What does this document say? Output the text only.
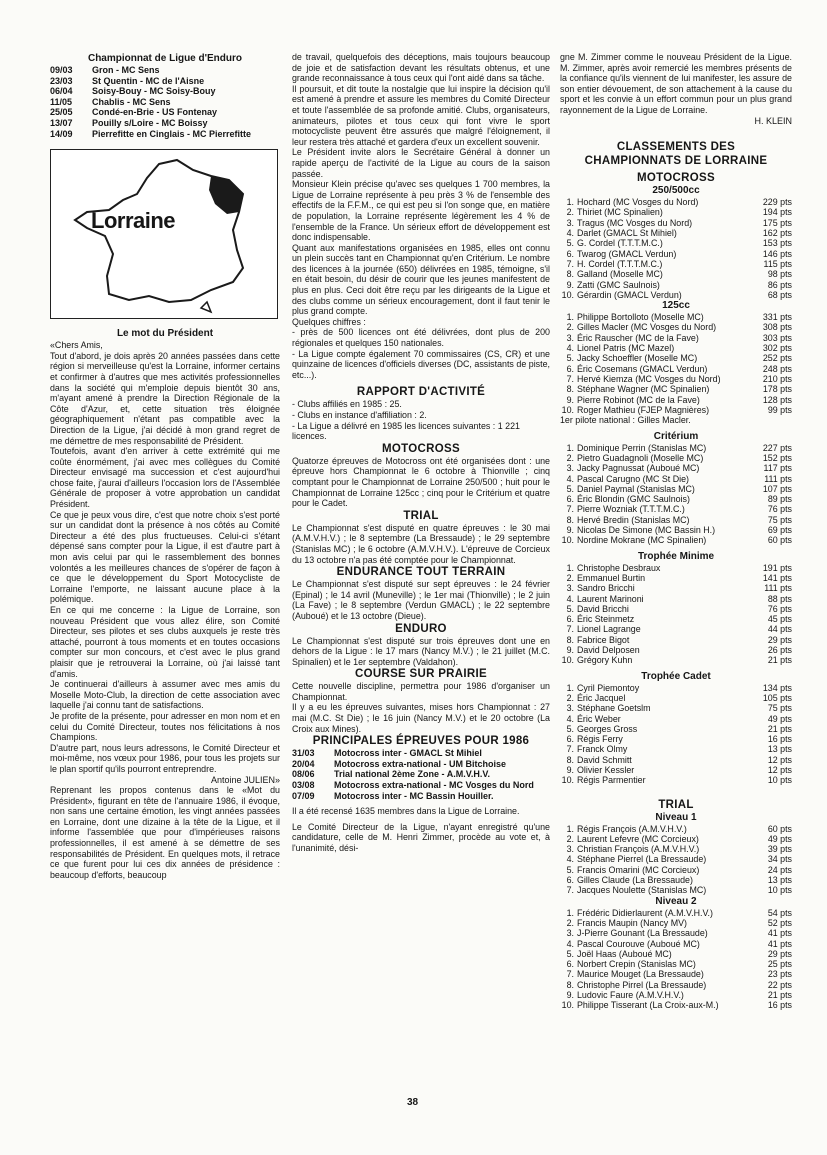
Championnat de Ligue d'Enduro
09/03	Gron - MC Sens
23/03	St Quentin - MC de l'Aisne
06/04	Soisy-Bouy - MC Soisy-Bouy
11/05	Chablis - MC Sens
25/05	Condé-en-Brie - US Fontenay
13/07	Pouilly s/Loire - MC Boissy
14/09	Pierrefitte en Cinglais - MC Pierrefitte
Lorraine
Le mot du Président

«Chers Amis,

Tout d'abord, je dois après 20 années passées dans cette région si merveilleuse qu'est la Lorraine, informer certains et confirmer à d'autres que mes activités professionnelles dans la société qui m'emploie depuis bientôt 30 ans, m'ayant amené à prendre la Direction Régionale de la Côte d'Azur, et, cette situation très éloignée géographiquement n'étant pas compatible avec la Direction de la Ligue, j'ai décidé à mon grand regret de me démettre de mes responsabilité de Président.

Toutefois, avant d'en arriver à cette extrémité qui me coûte énormément, j'ai avec mes collègues du Comité Directeur envisagé ma succession et c'est aujourd'hui chose faite, j'aurai d'ailleurs l'occasion lors de l'Assemblée Générale de proposer à votre approbation un candidat Président.

Ce que je peux vous dire, c'est que notre choix s'est porté sur un candidat dont la présence à nos côtés au Comité Directeur a été des plus fructueuses. Celui-ci s'étant dépensé sans compter pour la Ligue, il est d'autre part à mon avis celui par qui le rassemblement des bonnes volontés a les meilleures chances de s'opérer de façon à ce que le développement du Sport Motocycliste de Lorraine l'emporte, ne laissant aucune place à la polémique.

En ce qui me concerne : la Ligue de Lorraine, son nouveau Président que vous allez élire, son Comité Directeur, ses pilotes et ses clubs auxquels je reste très attaché, pourront à tous moments et en toutes occasions compter sur mon concours, et c'est avec le plus grand plaisir que je retrouverai la Lorraine, où j'ai laissé tant d'amis.

Je continuerai d'ailleurs à assumer avec mes amis du Moselle Moto-Club, la direction de cette association avec laquelle j'ai connu tant de satisfactions.

Je profite de la présente, pour adresser en mon nom et en celui du Comité Directeur, toutes nos félicitations à nos Champions.

D'autre part, nous leurs adressons, le Comité Directeur et moi-même, nos vœux pour 1986, pour tous les projets sur le plan sportif qu'ils pourront entreprendre.

Antoine JULIEN»

Reprenant les propos contenus dans le «Mot du Président», figurant en tête de l'annuaire 1986, il évoque, non sans une certaine émotion, les vingt années passées en Lorraine, dont une dizaine à la tête de la Ligue, et il informe l'assemblée que pour d'impérieuses raisons professionnelles, il est amené à se démettre de ses responsabilités de Président. En quelques mots, il retrace ce que furent pour lui ces dix années de présidence : beaucoup d'efforts, beaucoup

de travail, quelquefois des déceptions, mais toujours beaucoup de joie et de satisfaction devant les résultats obtenus, et une grande reconnaissance à tous ceux qui l'ont aidé dans sa tâche.

Il poursuit, et dit toute la nostalgie que lui inspire la décision qu'il est amené à prendre et assure les membres du Comité Directeur et toute l'assemblée de sa profonde amitié. Clubs, organisateurs, animateurs, pilotes et tous ceux qui font vivre le sport motocycliste peuvent être assurés que malgré l'éloignement, il leur restera très attaché et gardera d'eux un excellent souvenir.

Le Président invite alors le Secrétaire Général à donner un rapide aperçu de l'activité de la Ligue au cours de la saison passée.

Monsieur Klein précise qu'avec ses quelques 1 700 membres, la Ligue de Lorraine représente à peu près 3 % de l'ensemble des effectifs de la F.F.M., ce qui est peu si l'on songe que, en matière de population, la Lorraine représente légèrement les 4 % de l'ensemble de la France. Un sérieux effort de développement est donc indispensable.

Quant aux manifestations organisées en 1985, elles ont connu un plein succès tant en Championnat qu'en Critérium. Le nombre des licences à la journée (650) délivrées en 1985, témoigne, s'il en était besoin, du désir de courir que les jeunes manifestent de plus en plus. Ceci doit être reçu par les dirigeants de la Ligue et des clubs comme un sérieux encouragement, dont il faut tenir le plus grand compte.

Quelques chiffres :

- près de 500 licences ont été délivrées, dont plus de 200 régionales et quelques 150 nationales.

- La Ligue compte également 70 commissaires (CS, CR) et une quinzaine de licences d'officiels diverses (DC, assistants de piste, etc...).

RAPPORT D'ACTIVITÉ

- Clubs affiliés en 1985 : 25.

- Clubs en instance d'affiliation : 2.

- La Ligue a délivré en 1985 les licences suivantes : 1 221 licences.

MOTOCROSS

Quatorze épreuves de Motocross ont été organisées dont : une épreuve hors Championnat le 6 octobre à Thionville ; cinq comptant pour le Championnat de Lorraine 250/500 ; huit pour le Championnat de Lorraine 125cc ; cinq pour le Critérium et quatre pour le Cadet.

TRIAL

Le Championnat s'est disputé en quatre épreuves : le 30 mai (A.M.V.H.V.) ; le 8 septembre (La Bressaude) ; le 29 septembre (Stanislas MC) ; le 6 octobre (A.M.V.H.V.). L'épreuve de Corcieux du 13 octobre n'a pas été comptée pour le Championnat.

ENDURANCE TOUT TERRAIN

Le Championnat s'est disputé sur sept épreuves : le 24 février (Epinal) ; le 14 avril (Muneville) ; le 1er mai (Thionville) ; le 2 juin (La Fave) ; le 8 septembre (Verdun GMACL) ; le 22 septembre (Auboué) et le 13 octobre (Dieue).

ENDURO

Le Championnat s'est disputé sur trois épreuves dont une en dehors de la Ligue : le 17 mars (Nancy M.V.) ; le 21 juillet (M.C. Spinalien) et le 1er septembre (Valdahon).

COURSE SUR PRAIRIE

Cette nouvelle discipline, permettra pour 1986 d'organiser un Championnat.

Il y a eu les épreuves suivantes, mises hors Championnat : 27 mai (M.C. St Die) ; le 16 juin (Nancy M.V.) et le 20 octobre (La Croix aux Mines).

PRINCIPALES ÉPREUVES POUR 1986
31/03	Motocross inter - GMACL St Mihiel
20/04	Motocross extra-national - UM Bitchoise
08/06	Trial national 2ème Zone - A.M.V.H.V.
03/08	Motocross extra-national - MC Vosges du Nord
07/09	Motocross inter - MC Bassin Houiller.

Il a été recensé 1635 membres dans la Ligue de Lorraine.

Le Comité Directeur de la Ligue, n'ayant enregistré qu'une candidature, celle de M. Henri Zimmer, procède au vote et, à l'unanimité, dési-

gne M. Zimmer comme le nouveau Président de la Ligue. M. Zimmer, après avoir remercié les membres présents de la confiance qu'ils viennent de lui manifester, les assure de son entier dévouement, de son attachement à la cause du sport et les convie à un effort commun pour un plus grand rayonnement de la Ligue de Lorraine.

H. KLEIN
CLASSEMENTS DES CHAMPIONNATS DE LORRAINE
MOTOCROSS
250/500cc
1. Hochard (MC Vosges du Nord)	229 pts
2. Thiriet (MC Spinalien)	194 pts
3. Tragus (MC Vosges du Nord)	175 pts
4. Darlet (GMACL St Mihiel)	162 pts
5. G. Cordel (T.T.T.M.C.)	153 pts
6. Twarog (GMACL Verdun)	146 pts
7. H. Cordel (T.T.T.M.C.)	115 pts
8. Galland (Moselle MC)	98 pts
9. Zatti (GMC Saulnois)	86 pts
10. Gérardin (GMACL Verdun)	68 pts
125cc
1. Philippe Bortolloto (Moselle MC)	331 pts
2. Gilles Macler (MC Vosges du Nord)	308 pts
3. Éric Rauscher (MC de la Fave)	303 pts
4. Lionel Patris (MC Mazel)	302 pts
5. Jacky Schoeffler (Moselle MC)	252 pts
6. Éric Cosemans (GMACL Verdun)	248 pts
7. Hervé Kiemza (MC Vosges du Nord)	210 pts
8. Stéphane Wagner (MC Spinalien)	178 pts
9. Pierre Robinot (MC de la Fave)	128 pts
10. Roger Mathieu (FJEP Magnières)	99 pts

1er pilote national : Gilles Macler.

Critérium
1. Dominique Perrin (Stanislas MC)	227 pts
2. Pietro Guadagnoli (Moselle MC)	152 pts
3. Jacky Pagnussat (Auboué MC)	117 pts
4. Pascal Carugno (MC St Die)	111 pts
5. Daniel Paymal (Stanislas MC)	107 pts
6. Éric Blondin (GMC Saulnois)	89 pts
7. Pierre Wozniak (T.T.T.M.C.)	76 pts
8. Hervé Bredin (Stanislas MC)	75 pts
9. Nicolas De Simone (MC Bassin H.)	69 pts
10. Nordine Mokrane (MC Spinalien)	60 pts
Trophée Minime
1. Christophe Desbraux	191 pts
2. Emmanuel Burtin	141 pts
3. Sandro Bricchi	111 pts
4. Laurent Marinoni	88 pts
5. David Bricchi	76 pts
6. Éric Steinmetz	45 pts
7. Lionel Lagrange	44 pts
8. Fabrice Bigot	29 pts
9. David Delposen	26 pts
10. Grégory Kuhn	21 pts
Trophée Cadet
1. Cyril Piemontoy	134 pts
2. Éric Jacquel	105 pts
3. Stéphane Goetslm	75 pts
4. Éric Weber	49 pts
5. Georges Gross	21 pts
6. Régis Ferry	16 pts
7. Franck Olmy	13 pts
8. David Schmitt	12 pts
9. Olivier Kessler	12 pts
10. Régis Parmentier	10 pts
TRIAL
Niveau 1
1. Régis François (A.M.V.H.V.)	60 pts
2. Laurent Lefevre (MC Corcieux)	49 pts
3. Christian François (A.M.V.H.V.)	39 pts
4. Stéphane Pierrel (La Bressaude)	34 pts
5. Francis Omarini (MC Corcieux)	24 pts
6. Gilles Claude (La Bressaude)	13 pts
7. Jacques Noulette (Stanislas MC)	10 pts
Niveau 2
1. Frédéric Didierlaurent (A.M.V.H.V.)	54 pts
2. Francis Maupin (Nancy MV)	52 pts
3. J-Pierre Gounant (La Bressaude)	41 pts
4. Pascal Courouve (Auboué MC)	41 pts
5. Joël Haas (Auboué MC)	29 pts
6. Norbert Crepin (Stanislas MC)	25 pts
7. Maurice Mouget (La Bressaude)	23 pts
8. Christophe Pirrel (La Bressaude)	22 pts
9. Ludovic Faure (A.M.V.H.V.)	21 pts
10. Philippe Tisserant (La Croix-aux-M.)	16 pts
38
